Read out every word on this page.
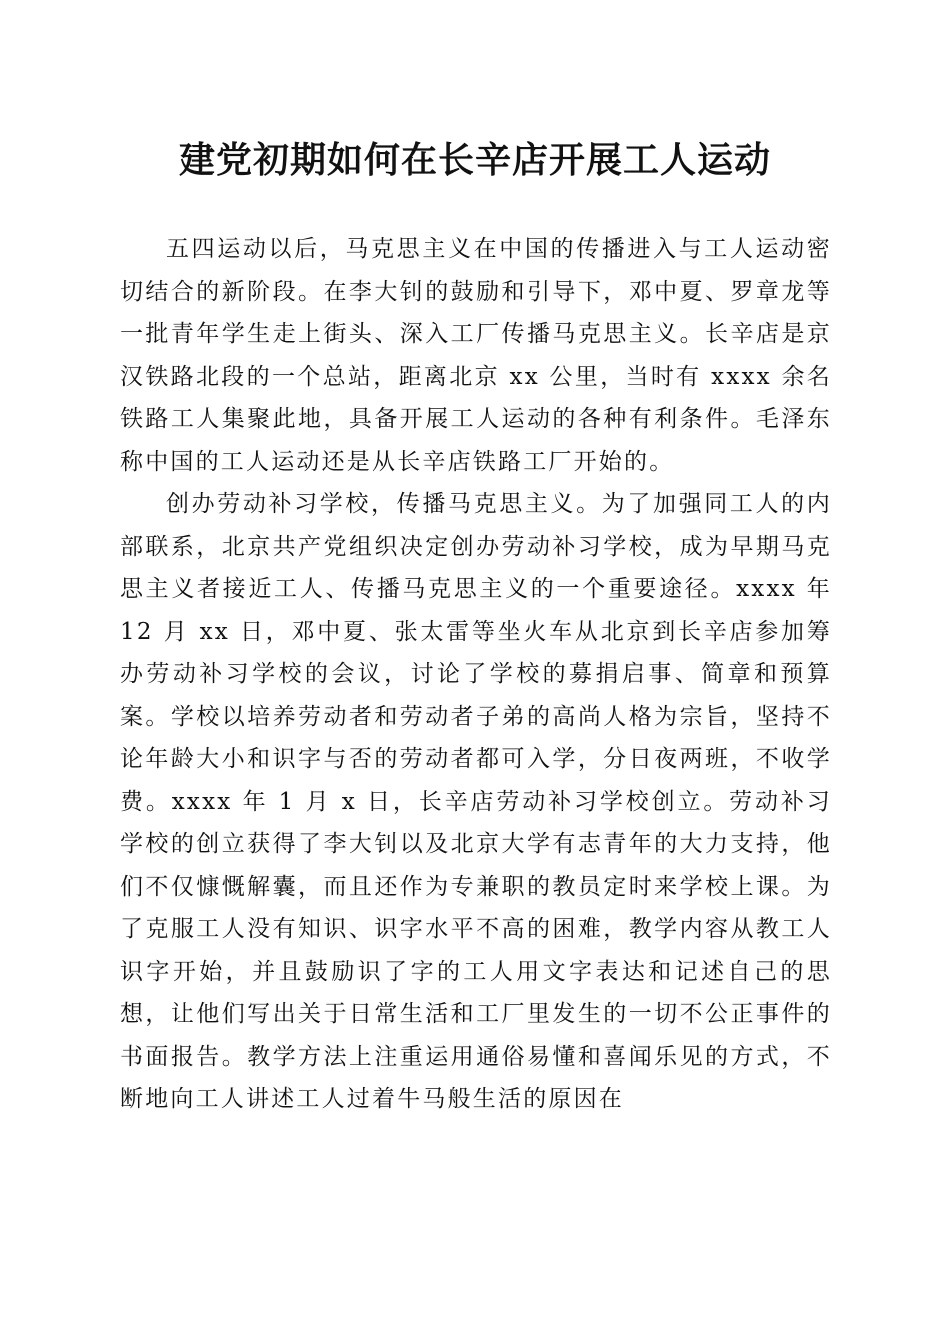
建党初期如何在长辛店开展工人运动

五四运动以后，马克思主义在中国的传播进入与工人运动密切结合的新阶段。在李大钊的鼓励和引导下，邓中夏、罗章龙等一批青年学生走上街头、深入工厂传播马克思主义。长辛店是京汉铁路北段的一个总站，距离北京 xx 公里，当时有 xxxx 余名铁路工人集聚此地，具备开展工人运动的各种有利条件。毛泽东称中国的工人运动还是从长辛店铁路工厂开始的。

创办劳动补习学校，传播马克思主义。为了加强同工人的内部联系，北京共产党组织决定创办劳动补习学校，成为早期马克思主义者接近工人、传播马克思主义的一个重要途径。xxxx 年 12 月 xx 日，邓中夏、张太雷等坐火车从北京到长辛店参加筹办劳动补习学校的会议，讨论了学校的募捐启事、简章和预算案。学校以培养劳动者和劳动者子弟的高尚人格为宗旨，坚持不论年龄大小和识字与否的劳动者都可入学，分日夜两班，不收学费。xxxx 年 1 月 x 日，长辛店劳动补习学校创立。劳动补习学校的创立获得了李大钊以及北京大学有志青年的大力支持，他们不仅慷慨解囊，而且还作为专兼职的教员定时来学校上课。为了克服工人没有知识、识字水平不高的困难，教学内容从教工人识字开始，并且鼓励识了字的工人用文字表达和记述自己的思想，让他们写出关于日常生活和工厂里发生的一切不公正事件的书面报告。教学方法上注重运用通俗易懂和喜闻乐见的方式，不断地向工人讲述工人过着牛马般生活的原因在
